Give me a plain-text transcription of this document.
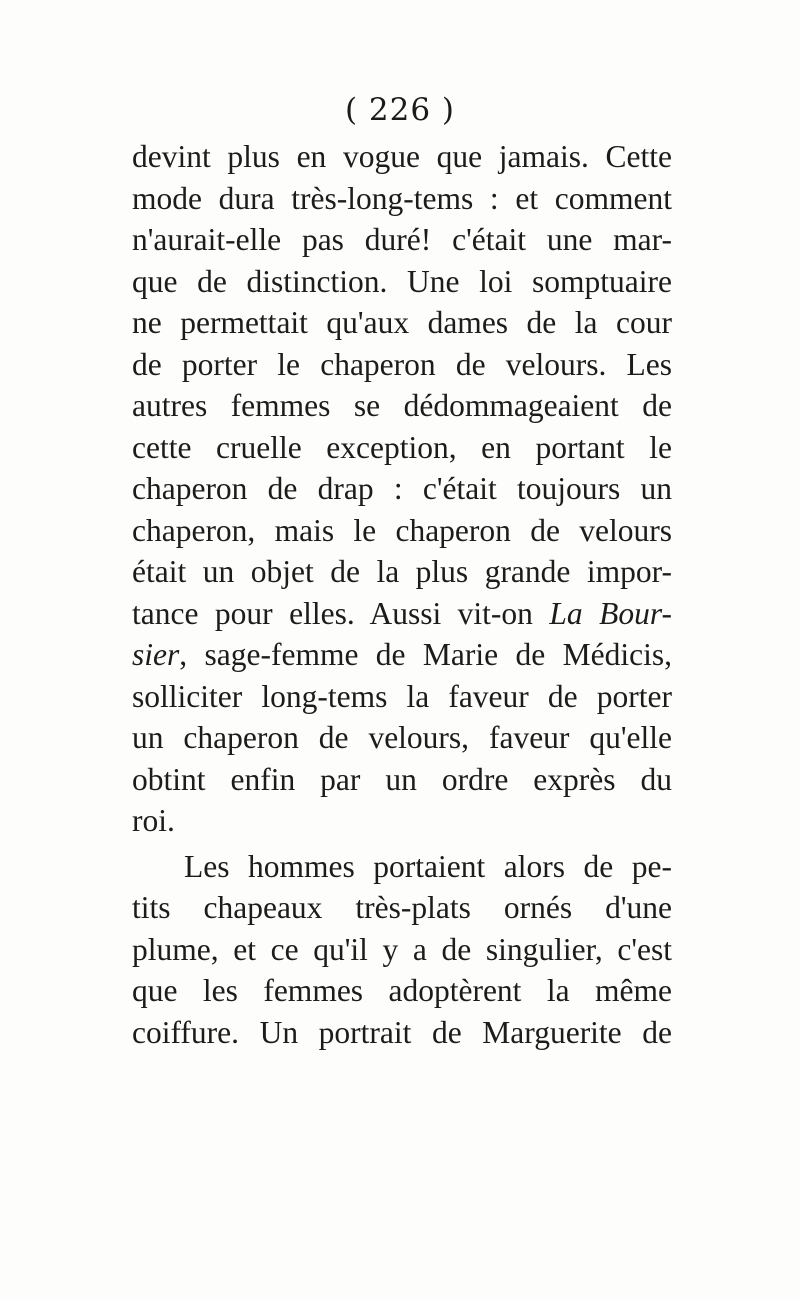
( 226 )
devint plus en vogue que jamais. Cette
mode dura très-long-tems : et comment
n'aurait-elle pas duré! c'était une mar-
que de distinction. Une loi somptuaire
ne permettait qu'aux dames de la cour
de porter le chaperon de velours. Les
autres femmes se dédommageaient de
cette cruelle exception, en portant le
chaperon de drap : c'était toujours un
chaperon, mais le chaperon de velours
était un objet de la plus grande impor-
tance pour elles. Aussi vit-on La Bour-
sier, sage-femme de Marie de Médicis,
solliciter long-tems la faveur de porter
un chaperon de velours, faveur qu'elle
obtint enfin par un ordre exprès du
roi.
Les hommes portaient alors de pe-
tits chapeaux très-plats ornés d'une
plume, et ce qu'il y a de singulier, c'est
que les femmes adoptèrent la même
coiffure. Un portrait de Marguerite de
